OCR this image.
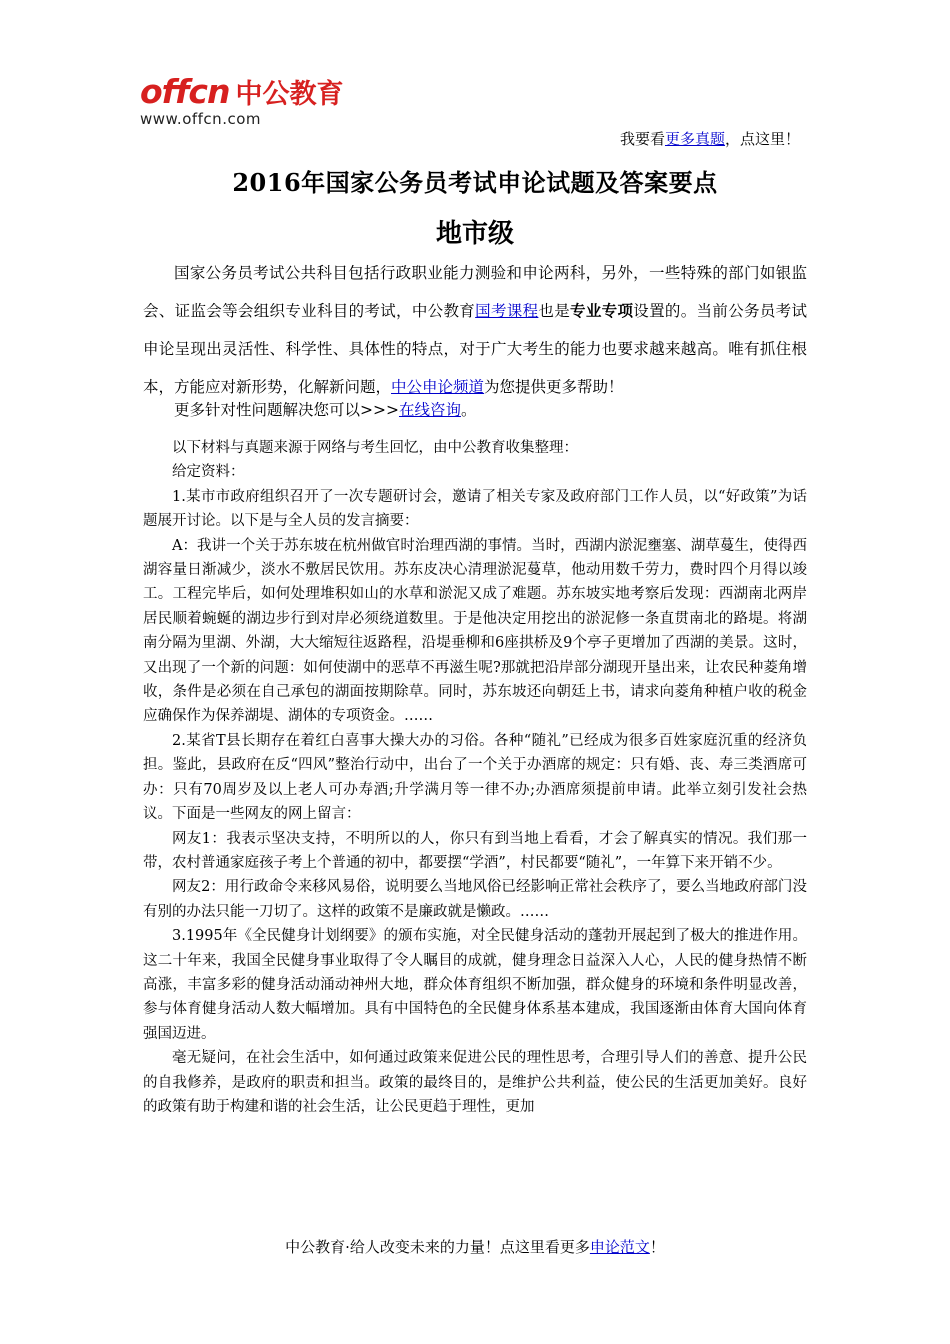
offcn 中公教育
www.offcn.com
我要看更多真题，点这里！
2016年国家公务员考试申论试题及答案要点
地市级

国家公务员考试公共科目包括行政职业能力测验和申论两科，另外，一些特殊的部门如银监会、证监会等会组织专业科目的考试，中公教育国考课程也是专业专项设置的。当前公务员考试申论呈现出灵活性、科学性、具体性的特点，对于广大考生的能力也要求越来越高。唯有抓住根本，方能应对新形势，化解新问题，中公申论频道为您提供更多帮助！

更多针对性问题解决您可以>>>在线咨询。

以下材料与真题来源于网络与考生回忆，由中公教育收集整理：

给定资料：

1.某市市政府组织召开了一次专题研讨会，邀请了相关专家及政府部门工作人员，以“好政策”为话题展开讨论。以下是与全人员的发言摘要：

A：我讲一个关于苏东坡在杭州做官时治理西湖的事情。当时，西湖内淤泥壅塞、湖草蔓生，使得西湖容量日渐减少，淡水不敷居民饮用。苏东皮决心清理淤泥蔓草，他动用数千劳力，费时四个月得以竣工。工程完毕后，如何处理堆积如山的水草和淤泥又成了难题。苏东坡实地考察后发现：西湖南北两岸居民顺着蜿蜒的湖边步行到对岸必须绕道数里。于是他决定用挖出的淤泥修一条直贯南北的路堤。将湖南分隔为里湖、外湖，大大缩短往返路程，沿堤垂柳和6座拱桥及9个亭子更增加了西湖的美景。这时，又出现了一个新的问题：如何使湖中的恶草不再滋生呢?那就把沿岸部分湖现开垦出来，让农民种菱角增收，条件是必须在自己承包的湖面按期除草。同时，苏东坡还向朝廷上书，请求向菱角种植户收的税金应确保作为保养湖堤、湖体的专项资金。……

2.某省T县长期存在着红白喜事大操大办的习俗。各种“随礼”已经成为很多百姓家庭沉重的经济负担。鉴此，县政府在反“四风”整治行动中，出台了一个关于办酒席的规定：只有婚、丧、寿三类酒席可办：只有70周岁及以上老人可办寿酒;升学满月等一律不办;办酒席须提前申请。此举立刻引发社会热议。下面是一些网友的网上留言：

网友1：我表示坚决支持，不明所以的人，你只有到当地上看看，才会了解真实的情况。我们那一带，农村普通家庭孩子考上个普通的初中，都要摆“学酒”，村民都要“随礼”，一年算下来开销不少。

网友2：用行政命令来移风易俗，说明要么当地风俗已经影响正常社会秩序了，要么当地政府部门没有别的办法只能一刀切了。这样的政策不是廉政就是懒政。……

3.1995年《全民健身计划纲要》的颁布实施，对全民健身活动的蓬勃开展起到了极大的推进作用。这二十年来，我国全民健身事业取得了令人瞩目的成就，健身理念日益深入人心，人民的健身热情不断高涨，丰富多彩的健身活动涌动神州大地，群众体育组织不断加强，群众健身的环境和条件明显改善，参与体育健身活动人数大幅增加。具有中国特色的全民健身体系基本建成，我国逐渐由体育大国向体育强国迈进。

毫无疑问，在社会生活中，如何通过政策来促进公民的理性思考，合理引导人们的善意、提升公民的自我修养，是政府的职责和担当。政策的最终目的，是维护公共利益，使公民的生活更加美好。良好的政策有助于构建和谐的社会生活，让公民更趋于理性，更加

中公教育·给人改变未来的力量！点这里看更多申论范文！
